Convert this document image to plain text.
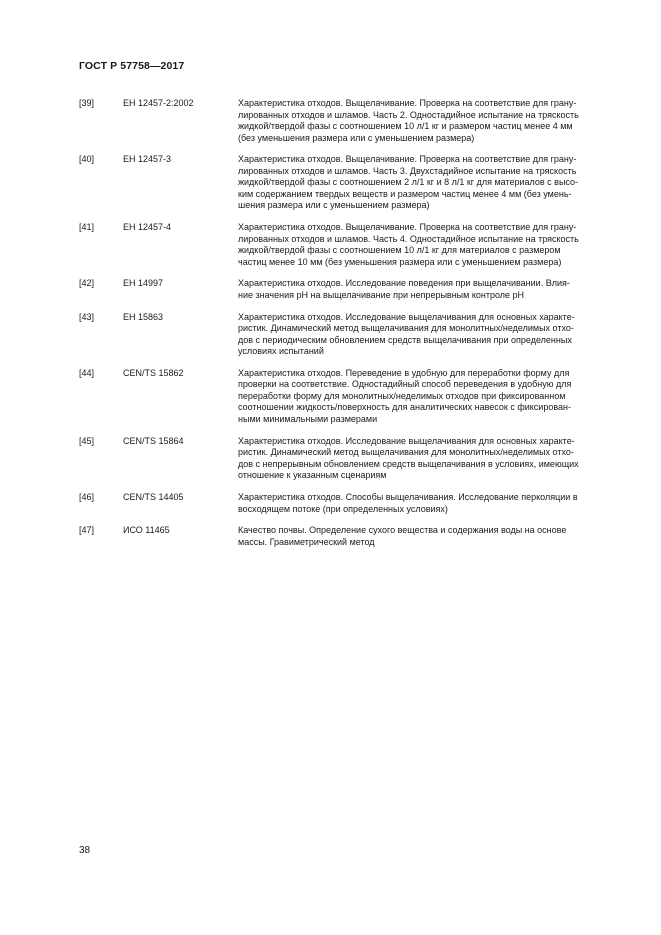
ГОСТ Р 57758—2017
[39]	ЕН 12457-2:2002	Характеристика отходов. Выщелачивание. Проверка на соответствие для грану-
лированных отходов и шламов. Часть 2. Одностадийное испытание на тряскость
жидкой/твердой фазы с соотношением 10 л/1 кг и размером частиц менее 4 мм
(без уменьшения размера или с уменьшением размера)
[40]	ЕН 12457-3	Характеристика отходов. Выщелачивание. Проверка на соответствие для грану-
лированных отходов и шламов. Часть 3. Двухстадийное испытание на тряскость
жидкой/твердой фазы с соотношением 2 л/1 кг и 8 л/1 кг для материалов с высо-
ким содержанием твердых веществ и размером частиц менее 4 мм (без умень-
шения размера или с уменьшением размера)
[41]	ЕН 12457-4	Характеристика отходов. Выщелачивание. Проверка на соответствие для грану-
лированных отходов и шламов. Часть 4. Одностадийное испытание на тряскость
жидкой/твердой фазы с соотношением 10 л/1 кг для материалов с размером
частиц менее 10 мм (без уменьшения размера или с уменьшением размера)
[42]	ЕН 14997	Характеристика отходов. Исследование поведения при выщелачивании. Влия-
ние значения pH на выщелачивание при непрерывным контроле pH
[43]	ЕН 15863	Характеристика отходов. Исследование выщелачивания для основных характе-
ристик. Динамический метод выщелачивания для монолитных/неделимых отхо-
дов с периодическим обновлением средств выщелачивания при определенных
условиях испытаний
[44]	CEN/TS 15862	Характеристика отходов. Переведение в удобную для переработки форму для
проверки на соответствие. Одностадийный способ переведения в удобную для
переработки форму для монолитных/неделимых отходов при фиксированном
соотношении жидкость/поверхность для аналитических навесок с фиксирован-
ными минимальными размерами
[45]	CEN/TS 15864	Характеристика отходов. Исследование выщелачивания для основных характе-
ристик. Динамический метод выщелачивания для монолитных/неделимых отхо-
дов с непрерывным обновлением средств выщелачивания в условиях, имеющих
отношение к указанным сценариям
[46]	CEN/TS 14405	Характеристика отходов. Способы выщелачивания. Исследование перколяции в
восходящем потоке (при определенных условиях)
[47]	ИСО 11465	Качество почвы. Определение сухого вещества и содержания воды на основе
массы. Гравиметрический метод
38
